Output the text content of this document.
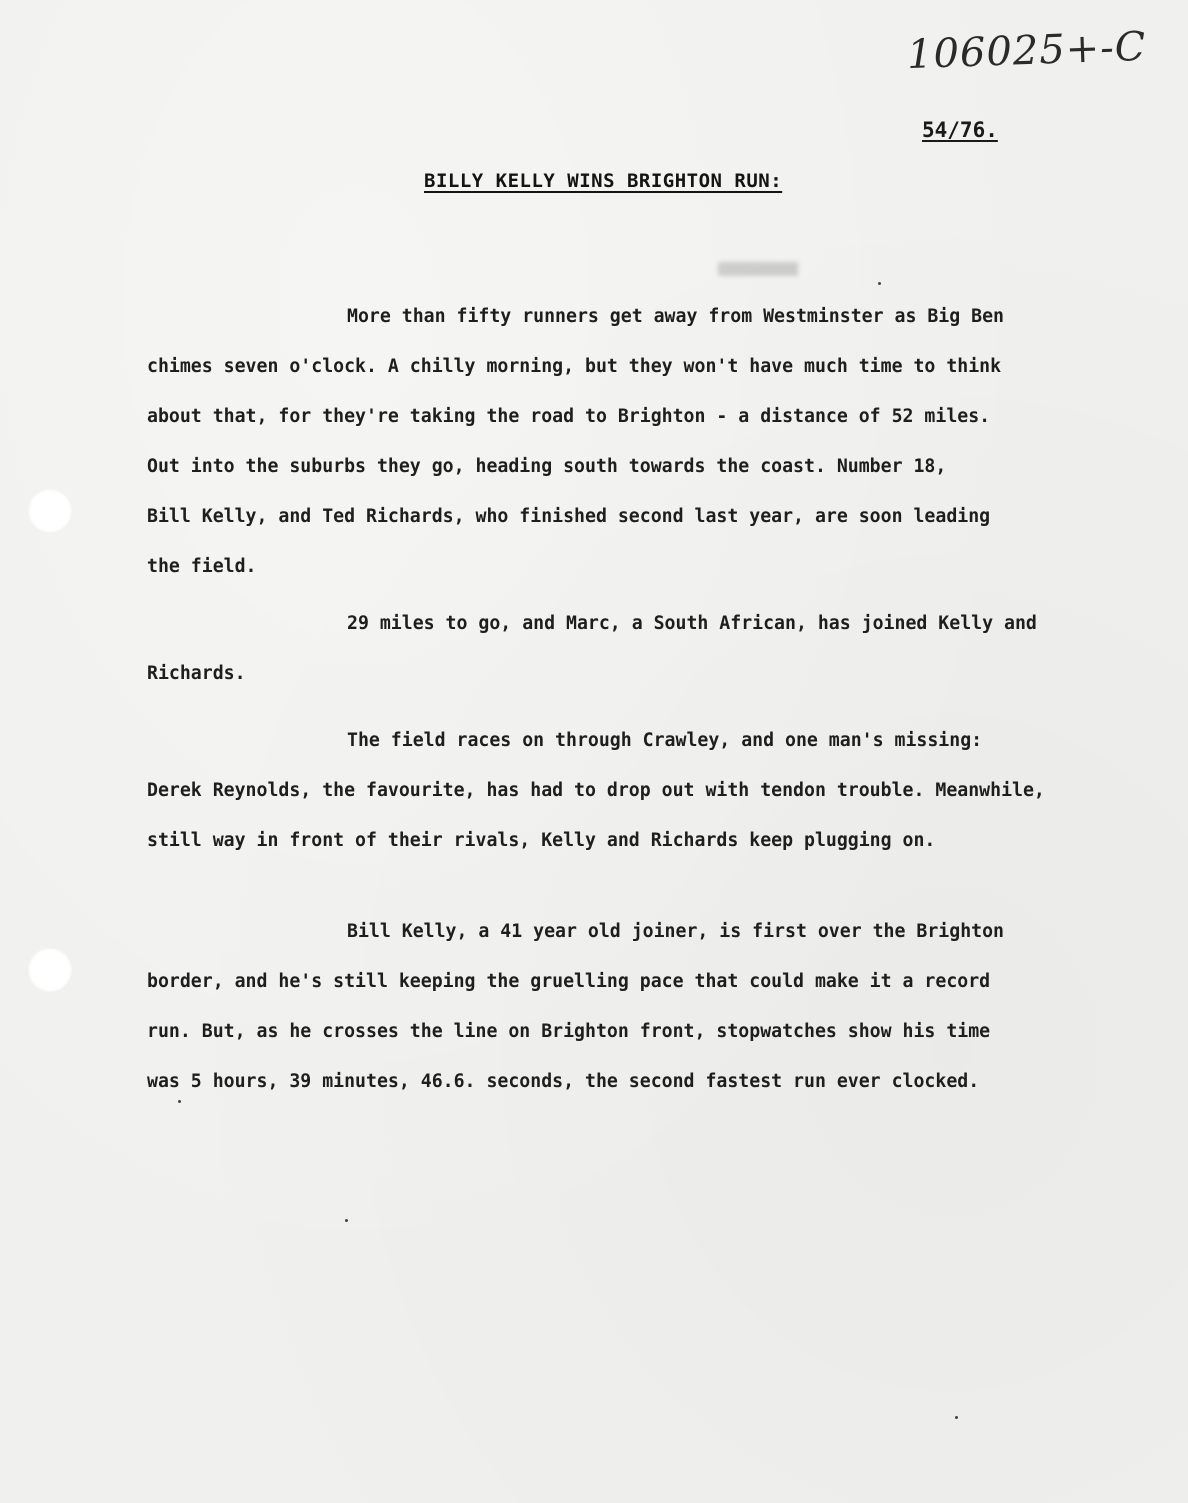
106025+-C
54/76.
BILLY KELLY WINS BRIGHTON RUN:
More than fifty runners get away from Westminster as Big Ben
chimes seven o'clock. A chilly morning, but they won't have much time to think
about that, for they're taking the road to Brighton - a distance of 52 miles.
Out into the suburbs they go, heading south towards the coast. Number 18,
Bill Kelly, and Ted Richards, who finished second last year, are soon leading
the field.
29 miles to go, and Marc, a South African, has joined Kelly and
Richards.
The field races on through Crawley, and one man's missing:
Derek Reynolds, the favourite, has had to drop out with tendon trouble. Meanwhile,
still way in front of their rivals, Kelly and Richards keep plugging on.
Bill Kelly, a 41 year old joiner, is first over the Brighton
border, and he's still keeping the gruelling pace that could make it a record
run. But, as he crosses the line on Brighton front, stopwatches show his time
was 5 hours, 39 minutes, 46.6. seconds, the second fastest run ever clocked.
